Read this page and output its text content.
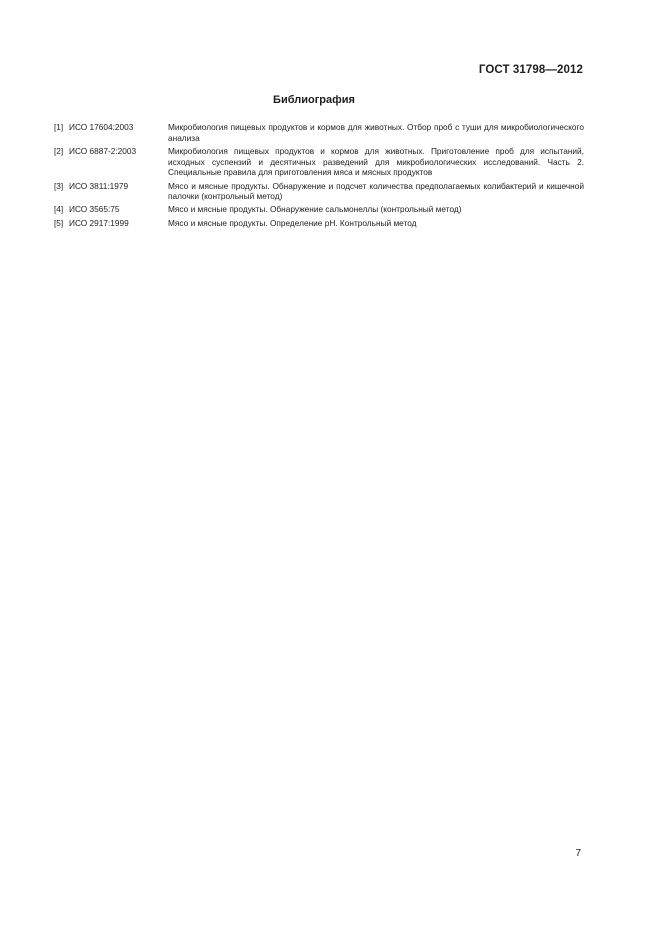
ГОСТ 31798—2012
Библиография
[1] ИСО 17604:2003	Микробиология пищевых продуктов и кормов для животных. Отбор проб с туши для микробиологического анализа
[2] ИСО 6887-2:2003	Микробиология пищевых продуктов и кормов для животных. Приготовление проб для испытаний, исходных суспензий и десятичных разведений для микробиологических исследований. Часть 2. Специальные правила для приготовления мяса и мясных продуктов
[3] ИСО 3811:1979	Мясо и мясные продукты. Обнаружение и подсчет количества предполагаемых колибактерий и кишечной палочки (контрольный метод)
[4] ИСО 3565:75	Мясо и мясные продукты. Обнаружение сальмонеллы (контрольный метод)
[5] ИСО 2917:1999	Мясо и мясные продукты. Определение pH. Контрольный метод
7
